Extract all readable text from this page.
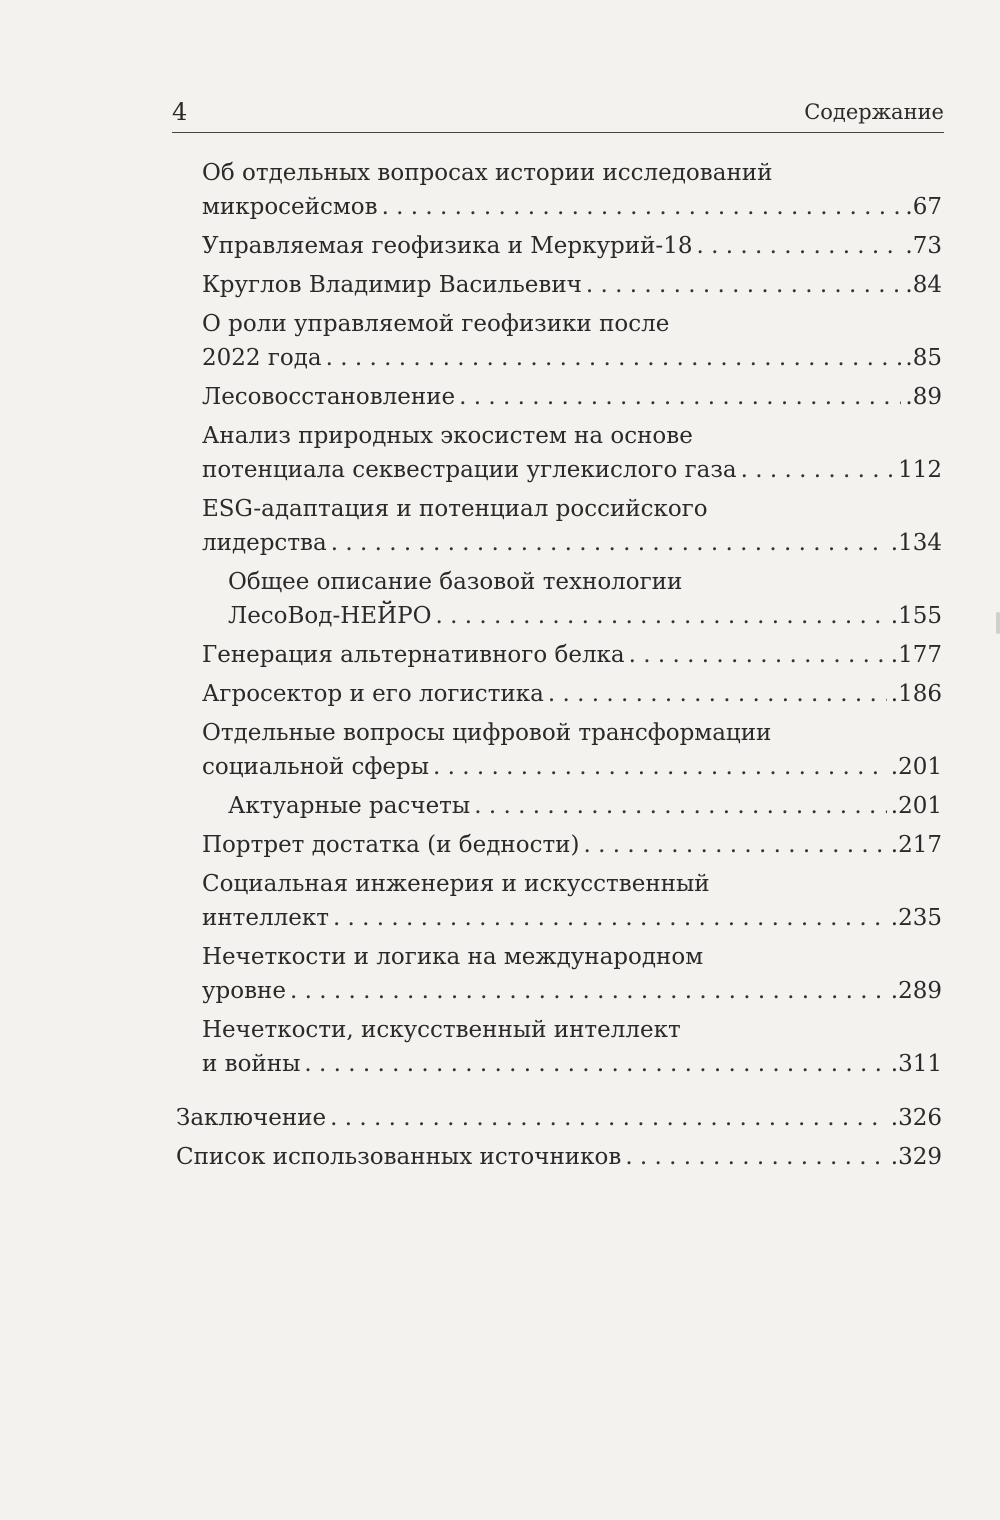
4	Содержание
Об отдельных вопросах истории исследований
микросейсмов . . .	.67
Управляемая геофизика и Меркурий-18 . . .	.73
Круглов Владимир Васильевич . . .	.84
О роли управляемой геофизики после
2022 года . . .	.85
Лесовосстановление . . .	.89
Анализ природных экосистем на основе
потенциала секвестрации углекислого газа . . .	112
ESG-адаптация и потенциал российского
лидерства . . .	.134
Общее описание базовой технологии
ЛесоВод-НЕЙРО . . .	.155
Генерация альтернативного белка . . .	.177
Агросектор и его логистика . . .	.186
Отдельные вопросы цифровой трансформации
социальной сферы . . .	.201
Актуарные расчеты . . .	.201
Портрет достатка (и бедности) . . .	.217
Социальная инженерия и искусственный
интеллект . . .	.235
Нечеткости и логика на международном
уровне . . .	.289
Нечеткости, искусственный интеллект
и войны . . .	.311
Заключение . . .	.326
Список использованных источников . . .	.329
